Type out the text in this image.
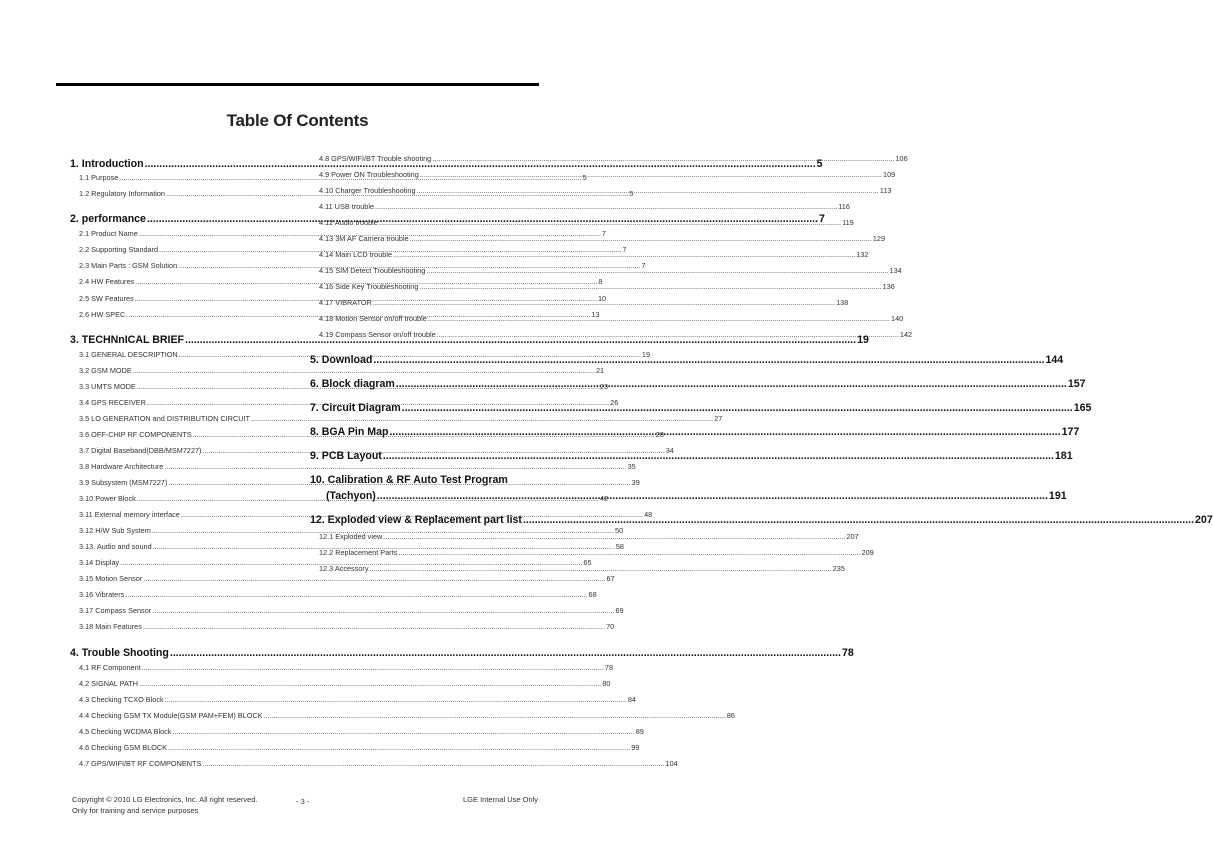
Table Of Contents
1. Introduction .....	5
1.1 Purpose .....	5
1.2 Regulatory Information .....	5
2. performance .....	7
2.1 Product Name .....	7
2.2 Supporting Standard .....	7
2.3 Main Parts : GSM Solution .....	7
2.4 HW Features .....	8
2.5 SW Features .....	10
2.6 HW SPEC. .....	13
3. TECHNnICAL BRIEF .....	19
3.1 GENERAL DESCRIPTION .....	19
3.2 GSM MODE .....	21
3.3 UMTS MODE .....	23
3.4 GPS RECEIVER .....	26
3.5 LO GENERATION and DISTRIBUTION CIRCUIT .....	27
3.6 OFF-CHIP RF COMPONENTS .....	28
3.7 Digital Baseband(DBB/MSM7227) .....	34
3.8 Hardware Architecture .....	35
3.9 Subsystem (MSM7227) .....	39
3.10 Power Block .....	42
3.11 External memory interface .....	48
3.12 H/W Sub System .....	50
3.13. Audio and sound .....	58
3.14 Display .....	65
3.15 Motion Sensor .....	67
3.16 Vibraters .....	68
3.17 Compass Sensor .....	69
3.18 Main Features .....	70
4. Trouble Shooting .....	78
4.1 RF Component .....	78
4.2 SIGNAL PATH .....	80
4.3 Checking TCXO Block .....	84
4.4 Checking GSM TX Module(GSM PAM+FEM) BLOCK .....	86
4.5 Checking WCDMA Block .....	89
4.6 Checking GSM BLOCK .....	99
4.7 GPS/WIFI/BT RF COMPONENTS .....	104
4.8 GPS/WIFI/BT Trouble shooting .....	106
4.9 Power ON Troubleshooting .....	109
4.10 Charger Troubleshooting .....	113
4.11 USB trouble .....	116
4.12 Audio trouble .....	119
4.13 3M AF Camera trouble .....	129
4.14 Main LCD trouble .....	132
4.15 SIM Detect Troubleshooting .....	134
4.16 Side Key Troubleshooting .....	136
4.17 VIBRATOR .....	138
4.18 Motion Sensor on/off trouble .....	140
4.19 Compass Sensor on/off trouble .....	142
5. Download .....	144
6. Block diagram .....	157
7. Circuit Diagram .....	165
8. BGA Pin Map .....	177
9. PCB Layout .....	181
10. Calibration & RF Auto Test Program
(Tachyon) .....	191
12. Exploded view & Replacement part list .....	207
12.1 Exploded view .....	207
12.2 Replacement Parts .....	209
12.3 Accessory .....	235
Copyright © 2010 LG Electronics, Inc. All right reserved.
Only for training and service purposes
- 3 -	LGE Internal Use Only
